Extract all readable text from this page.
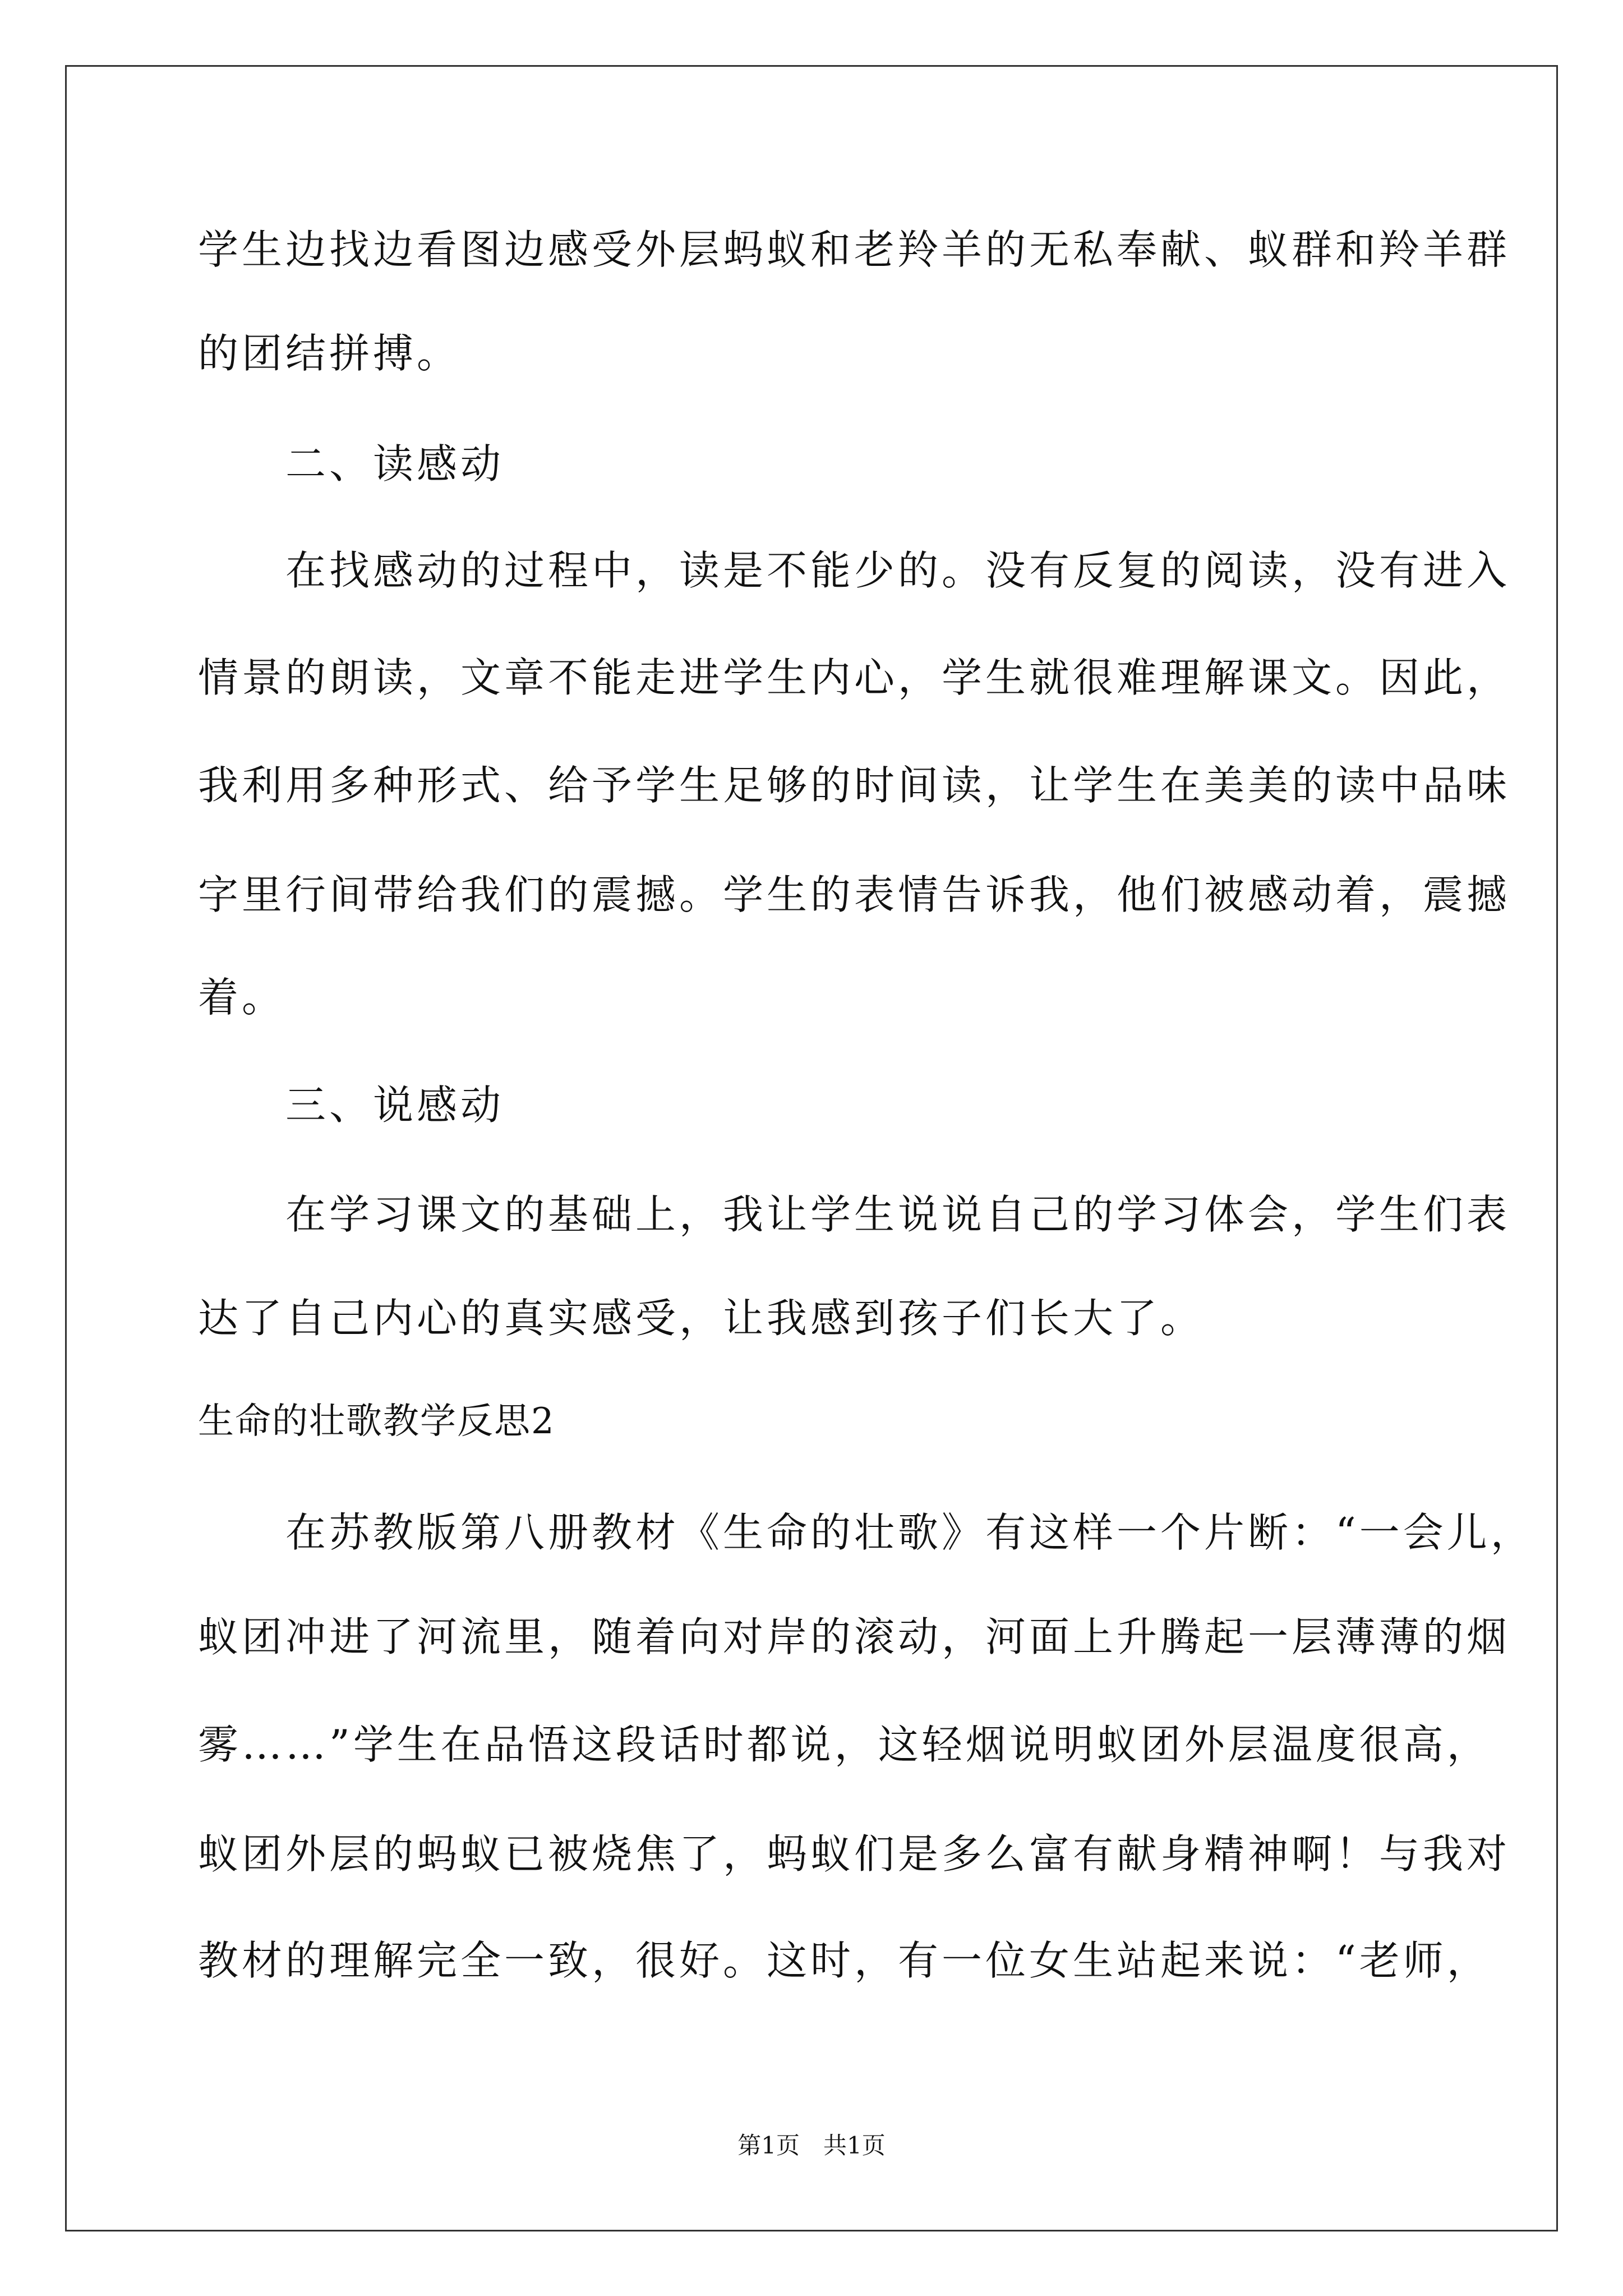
学生边找边看图边感受外层蚂蚁和老羚羊的无私奉献、蚁群和羚羊群
的团结拼搏。
　　二、读感动
　　在找感动的过程中，读是不能少的。没有反复的阅读，没有进入
情景的朗读，文章不能走进学生内心，学生就很难理解课文。因此，
我利用多种形式、给予学生足够的时间读，让学生在美美的读中品味
字里行间带给我们的震撼。学生的表情告诉我，他们被感动着，震撼
着。
　　三、说感动
　　在学习课文的基础上，我让学生说说自己的学习体会，学生们表
达了自己内心的真实感受，让我感到孩子们长大了。
生命的壮歌教学反思2
　　在苏教版第八册教材《生命的壮歌》有这样一个片断：“一会儿，
蚁团冲进了河流里，随着向对岸的滚动，河面上升腾起一层薄薄的烟
雾……”学生在品悟这段话时都说，这轻烟说明蚁团外层温度很高，
蚁团外层的蚂蚁已被烧焦了，蚂蚁们是多么富有献身精神啊！与我对
教材的理解完全一致，很好。这时，有一位女生站起来说：“老师，
第1页　共1页
